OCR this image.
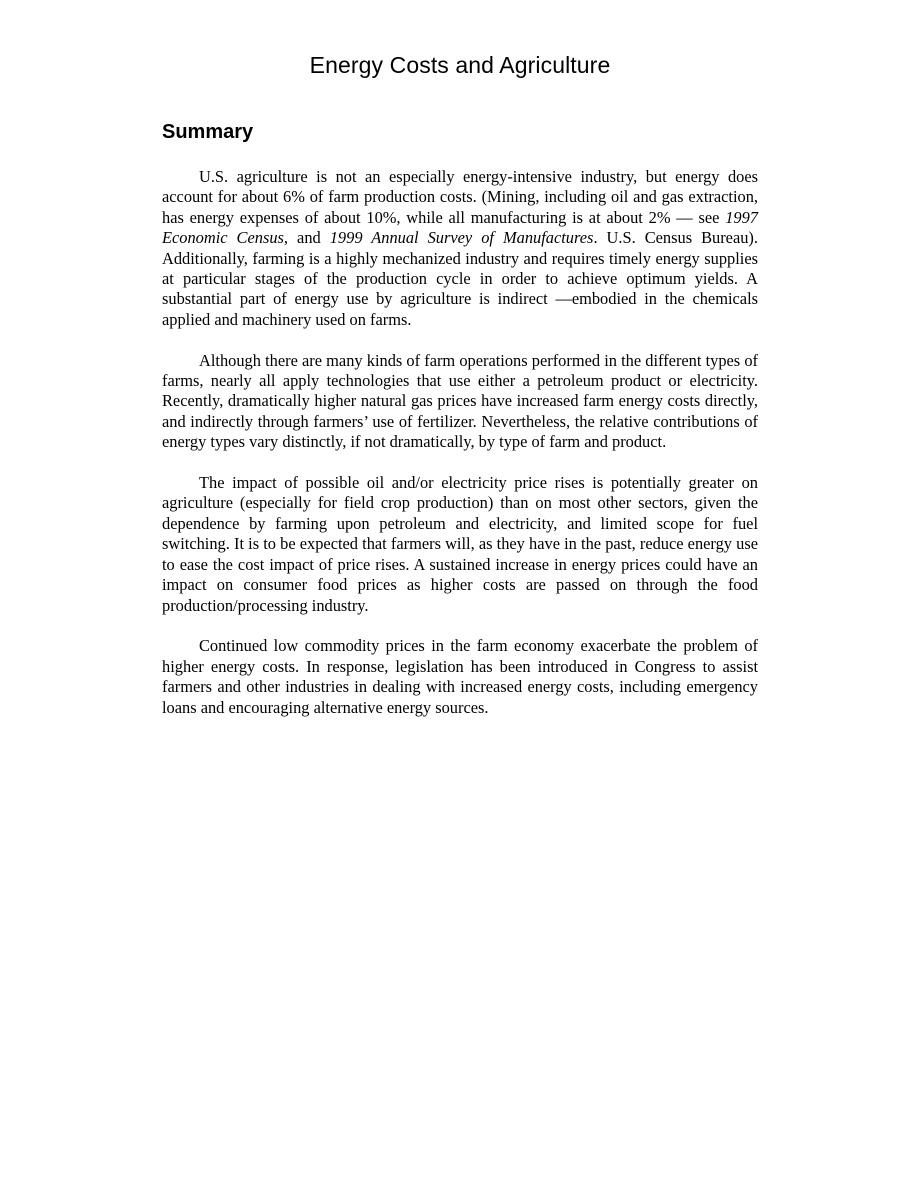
Energy Costs and Agriculture
Summary

U.S. agriculture is not an especially energy-intensive industry, but energy does account for about 6% of farm production costs. (Mining, including oil and gas extraction, has energy expenses of about 10%, while all manufacturing is at about 2% — see 1997 Economic Census, and 1999 Annual Survey of Manufactures. U.S. Census Bureau). Additionally, farming is a highly mechanized industry and requires timely energy supplies at particular stages of the production cycle in order to achieve optimum yields. A substantial part of energy use by agriculture is indirect —embodied in the chemicals applied and machinery used on farms.

Although there are many kinds of farm operations performed in the different types of farms, nearly all apply technologies that use either a petroleum product or electricity. Recently, dramatically higher natural gas prices have increased farm energy costs directly, and indirectly through farmers’ use of fertilizer. Nevertheless, the relative contributions of energy types vary distinctly, if not dramatically, by type of farm and product.

The impact of possible oil and/or electricity price rises is potentially greater on agriculture (especially for field crop production) than on most other sectors, given the dependence by farming upon petroleum and electricity, and limited scope for fuel switching. It is to be expected that farmers will, as they have in the past, reduce energy use to ease the cost impact of price rises. A sustained increase in energy prices could have an impact on consumer food prices as higher costs are passed on through the food production/processing industry.

Continued low commodity prices in the farm economy exacerbate the problem of higher energy costs. In response, legislation has been introduced in Congress to assist farmers and other industries in dealing with increased energy costs, including emergency loans and encouraging alternative energy sources.
